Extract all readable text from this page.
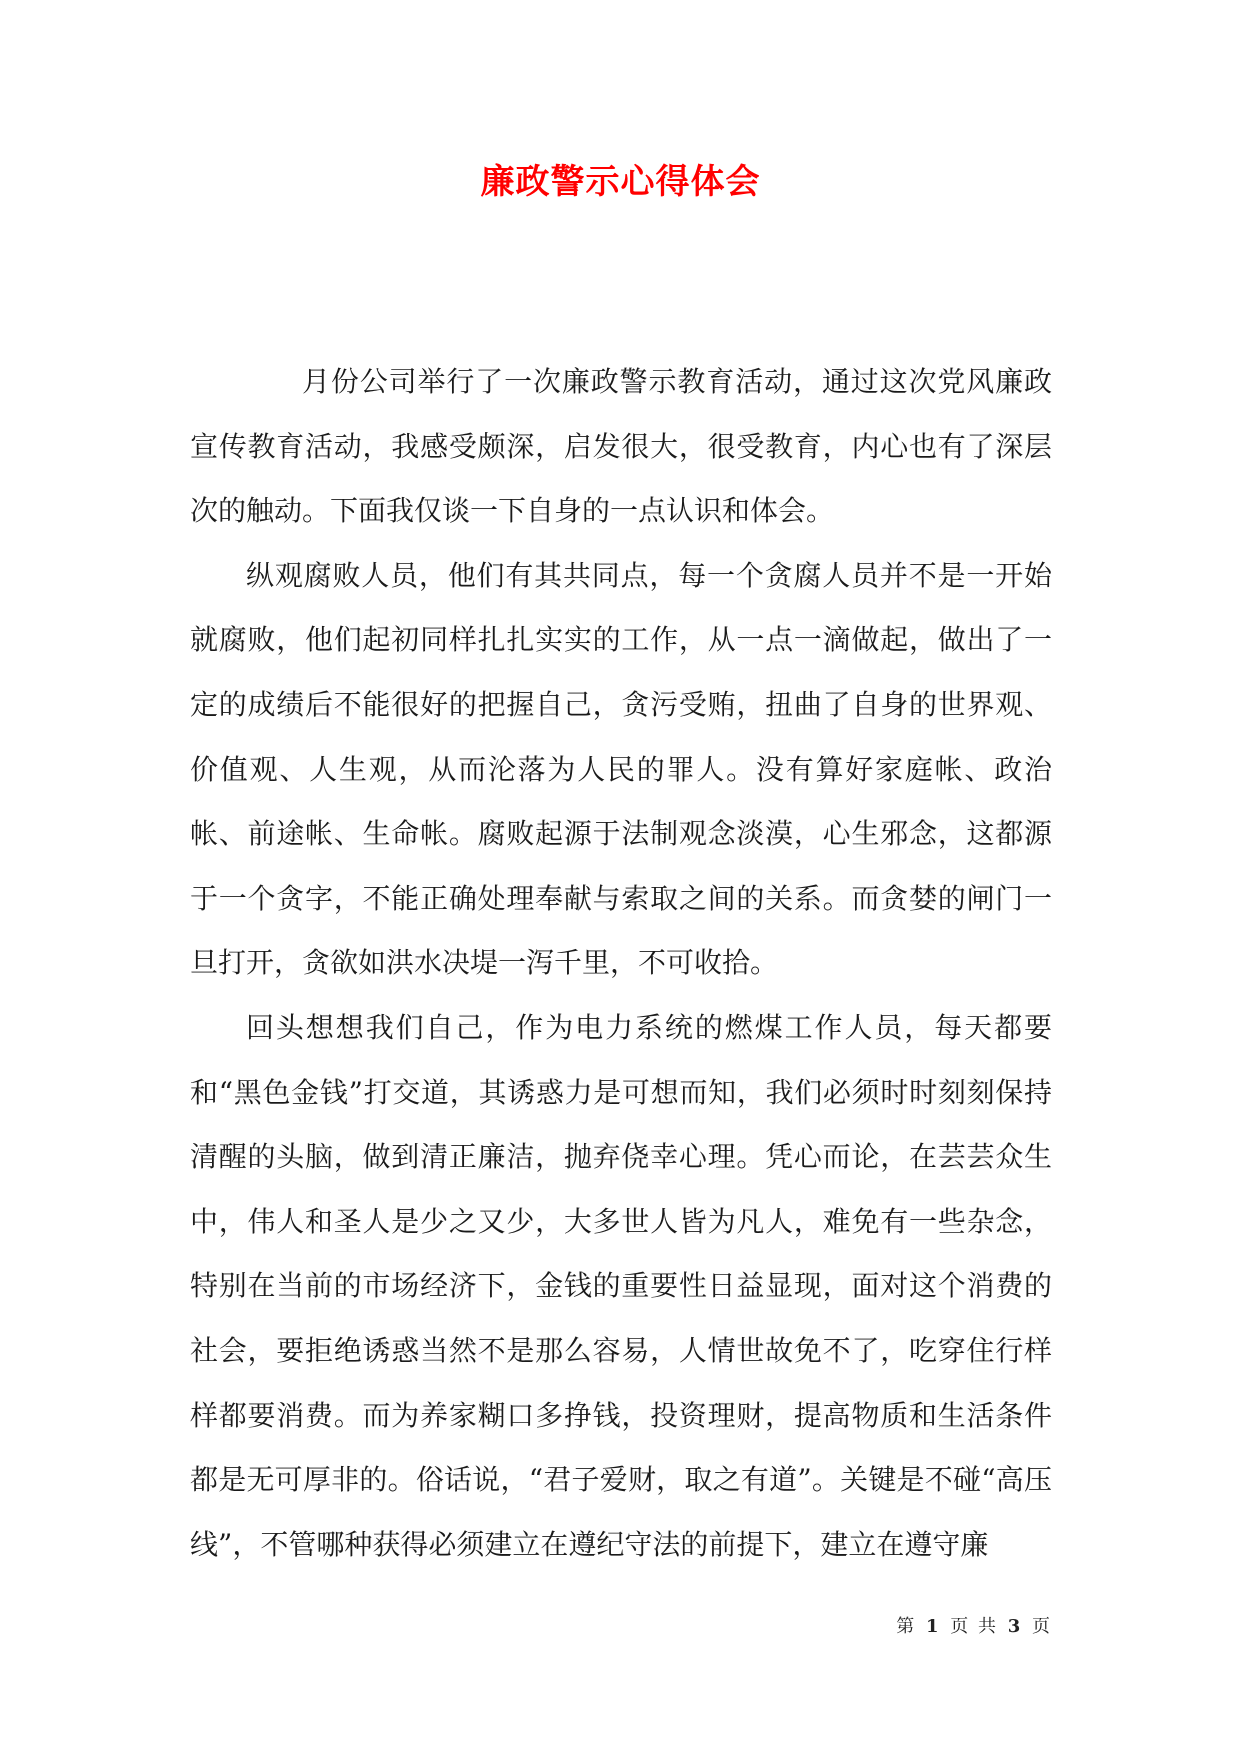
廉政警示心得体会

月份公司举行了一次廉政警示教育活动，通过这次党风廉政宣传教育活动，我感受颇深，启发很大，很受教育，内心也有了深层次的触动。下面我仅谈一下自身的一点认识和体会。

纵观腐败人员，他们有其共同点，每一个贪腐人员并不是一开始就腐败，他们起初同样扎扎实实的工作，从一点一滴做起，做出了一定的成绩后不能很好的把握自己，贪污受贿，扭曲了自身的世界观、价值观、人生观，从而沦落为人民的罪人。没有算好家庭帐、政治帐、前途帐、生命帐。腐败起源于法制观念淡漠，心生邪念，这都源于一个贪字，不能正确处理奉献与索取之间的关系。而贪婪的闸门一旦打开，贪欲如洪水决堤一泻千里，不可收拾。

回头想想我们自己，作为电力系统的燃煤工作人员，每天都要和“黑色金钱”打交道，其诱惑力是可想而知，我们必须时时刻刻保持清醒的头脑，做到清正廉洁，抛弃侥幸心理。凭心而论，在芸芸众生中，伟人和圣人是少之又少，大多世人皆为凡人，难免有一些杂念，特别在当前的市场经济下，金钱的重要性日益显现，面对这个消费的社会，要拒绝诱惑当然不是那么容易，人情世故免不了，吃穿住行样样都要消费。而为养家糊口多挣钱，投资理财，提高物质和生活条件都是无可厚非的。俗话说，“君子爱财，取之有道”。关键是不碰“高压线”，不管哪种获得必须建立在遵纪守法的前提下，建立在遵守廉

第 1 页 共 3 页
